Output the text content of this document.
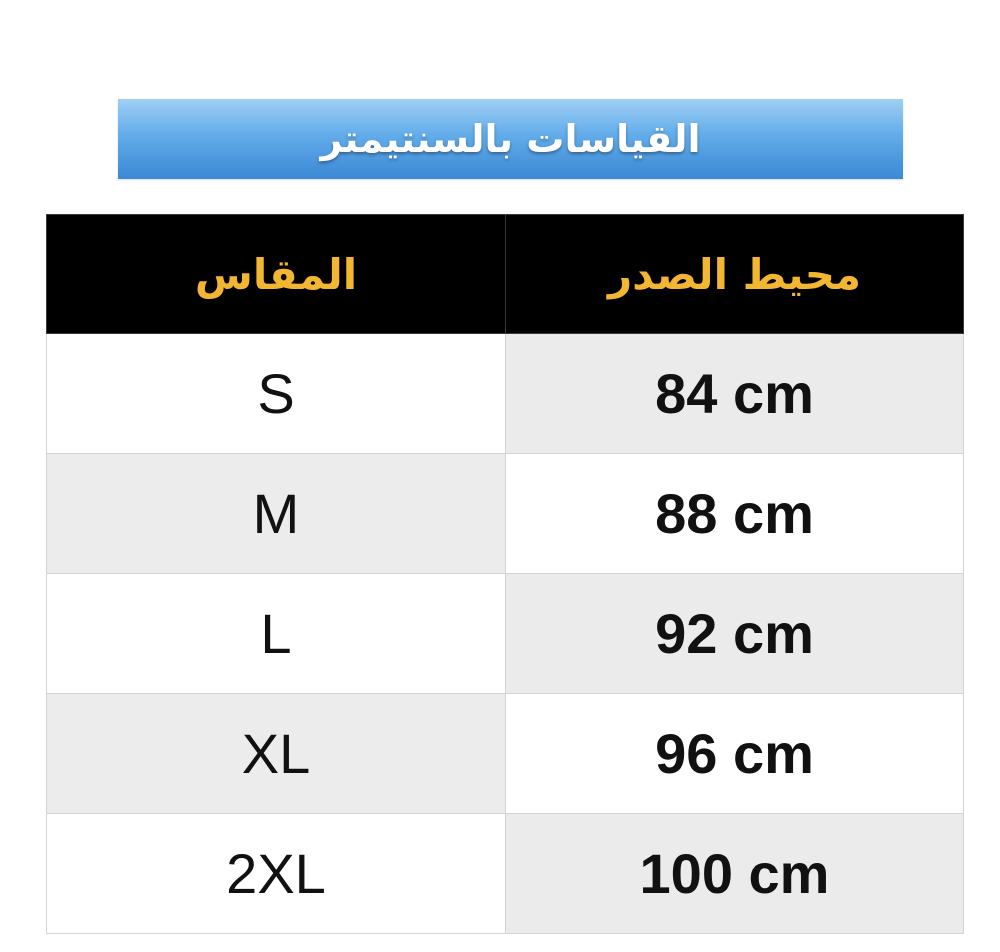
القياسات بالسنتيمتر
المقاس	محيط الصدر
S	84 cm
M	88 cm
L	92 cm
XL	96 cm
2XL	100 cm
